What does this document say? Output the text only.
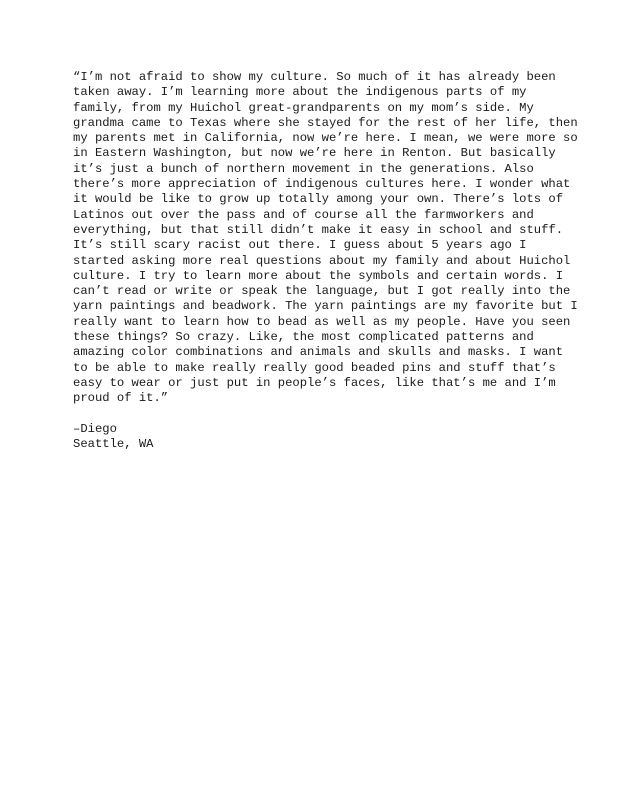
“I’m not afraid to show my culture. So much of it has already been
taken away. I’m learning more about the indigenous parts of my
family, from my Huichol great-grandparents on my mom’s side. My
grandma came to Texas where she stayed for the rest of her life, then
my parents met in California, now we’re here. I mean, we were more so
in Eastern Washington, but now we’re here in Renton. But basically
it’s just a bunch of northern movement in the generations. Also
there’s more appreciation of indigenous cultures here. I wonder what
it would be like to grow up totally among your own. There’s lots of
Latinos out over the pass and of course all the farmworkers and
everything, but that still didn’t make it easy in school and stuff.
It’s still scary racist out there. I guess about 5 years ago I
started asking more real questions about my family and about Huichol
culture. I try to learn more about the symbols and certain words. I
can’t read or write or speak the language, but I got really into the
yarn paintings and beadwork. The yarn paintings are my favorite but I
really want to learn how to bead as well as my people. Have you seen
these things? So crazy. Like, the most complicated patterns and
amazing color combinations and animals and skulls and masks. I want
to be able to make really really good beaded pins and stuff that’s
easy to wear or just put in people’s faces, like that’s me and I’m
proud of it.”
–Diego
Seattle, WA
